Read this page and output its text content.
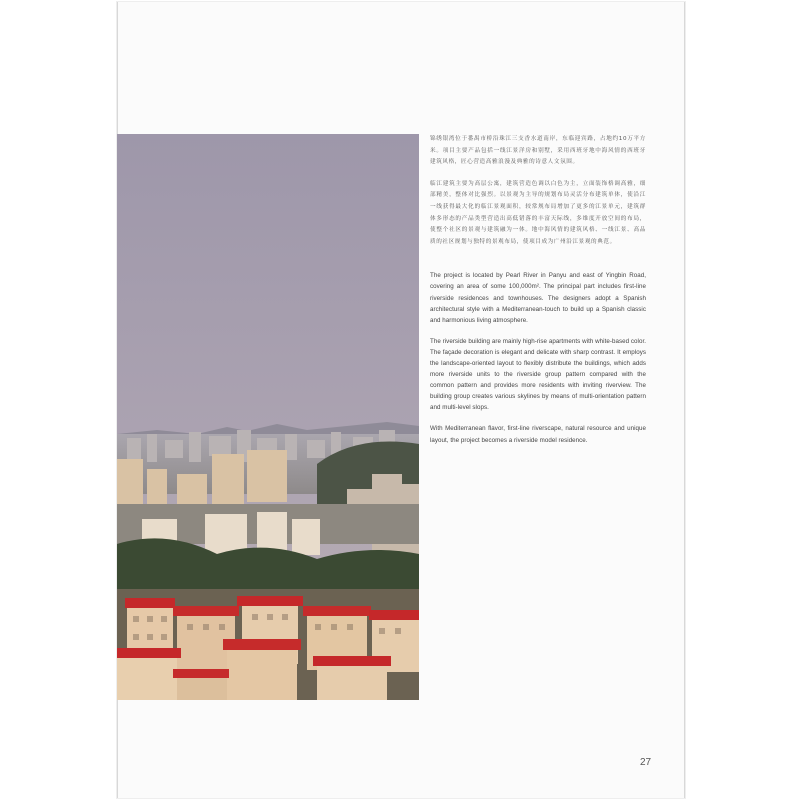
锦绣银湾位于番禺市桥沿珠江三支香水道南岸，东临迎宾路，占地约10万平方米。项目主要产品包括一线江景洋房和别墅，采用西班牙地中海风情的西班牙建筑风格，匠心营造高雅浪漫及典雅的诗意人文氛围。

临江建筑主要为高层公寓，建筑营造色调以白色为主，立面装饰格调高雅，细部精美，整体对比强烈。以景观为主导的规划布局灵活分布建筑单体，使沿江一线获得最大化的临江景观面积，较常规布局增加了更多的江景单元，建筑群体多形态的产品类型营造出高低错落的丰富天际线，多维度开放空间的布局，使整个社区的景观与建筑融为一体。地中海风情的建筑风格、一线江景、高品质的社区规划与独特的景观布局，使项目成为广州沿江景观的典范。

The project is located by Pearl River in Panyu and east of Yingbin Road, covering an area of some 100,000m². The principal part includes first-line riverside residences and townhouses. The designers adopt a Spanish architectural style with a Mediterranean-touch to build up a Spanish classic and harmonious living atmosphere.

The riverside building are mainly high-rise apartments with white-based color. The façade decoration is elegant and delicate with sharp contrast. It employs the landscape-oriented layout to flexibly distribute the buildings, which adds more riverside units to the riverside group pattern compared with the common pattern and provides more residents with inviting riverview. The building group creates various skylines by means of multi-orientation pattern and multi-level slops.

With Mediterranean flavor, first-line riverscape, natural resource and unique layout, the project becomes a riverside model residence.

27
